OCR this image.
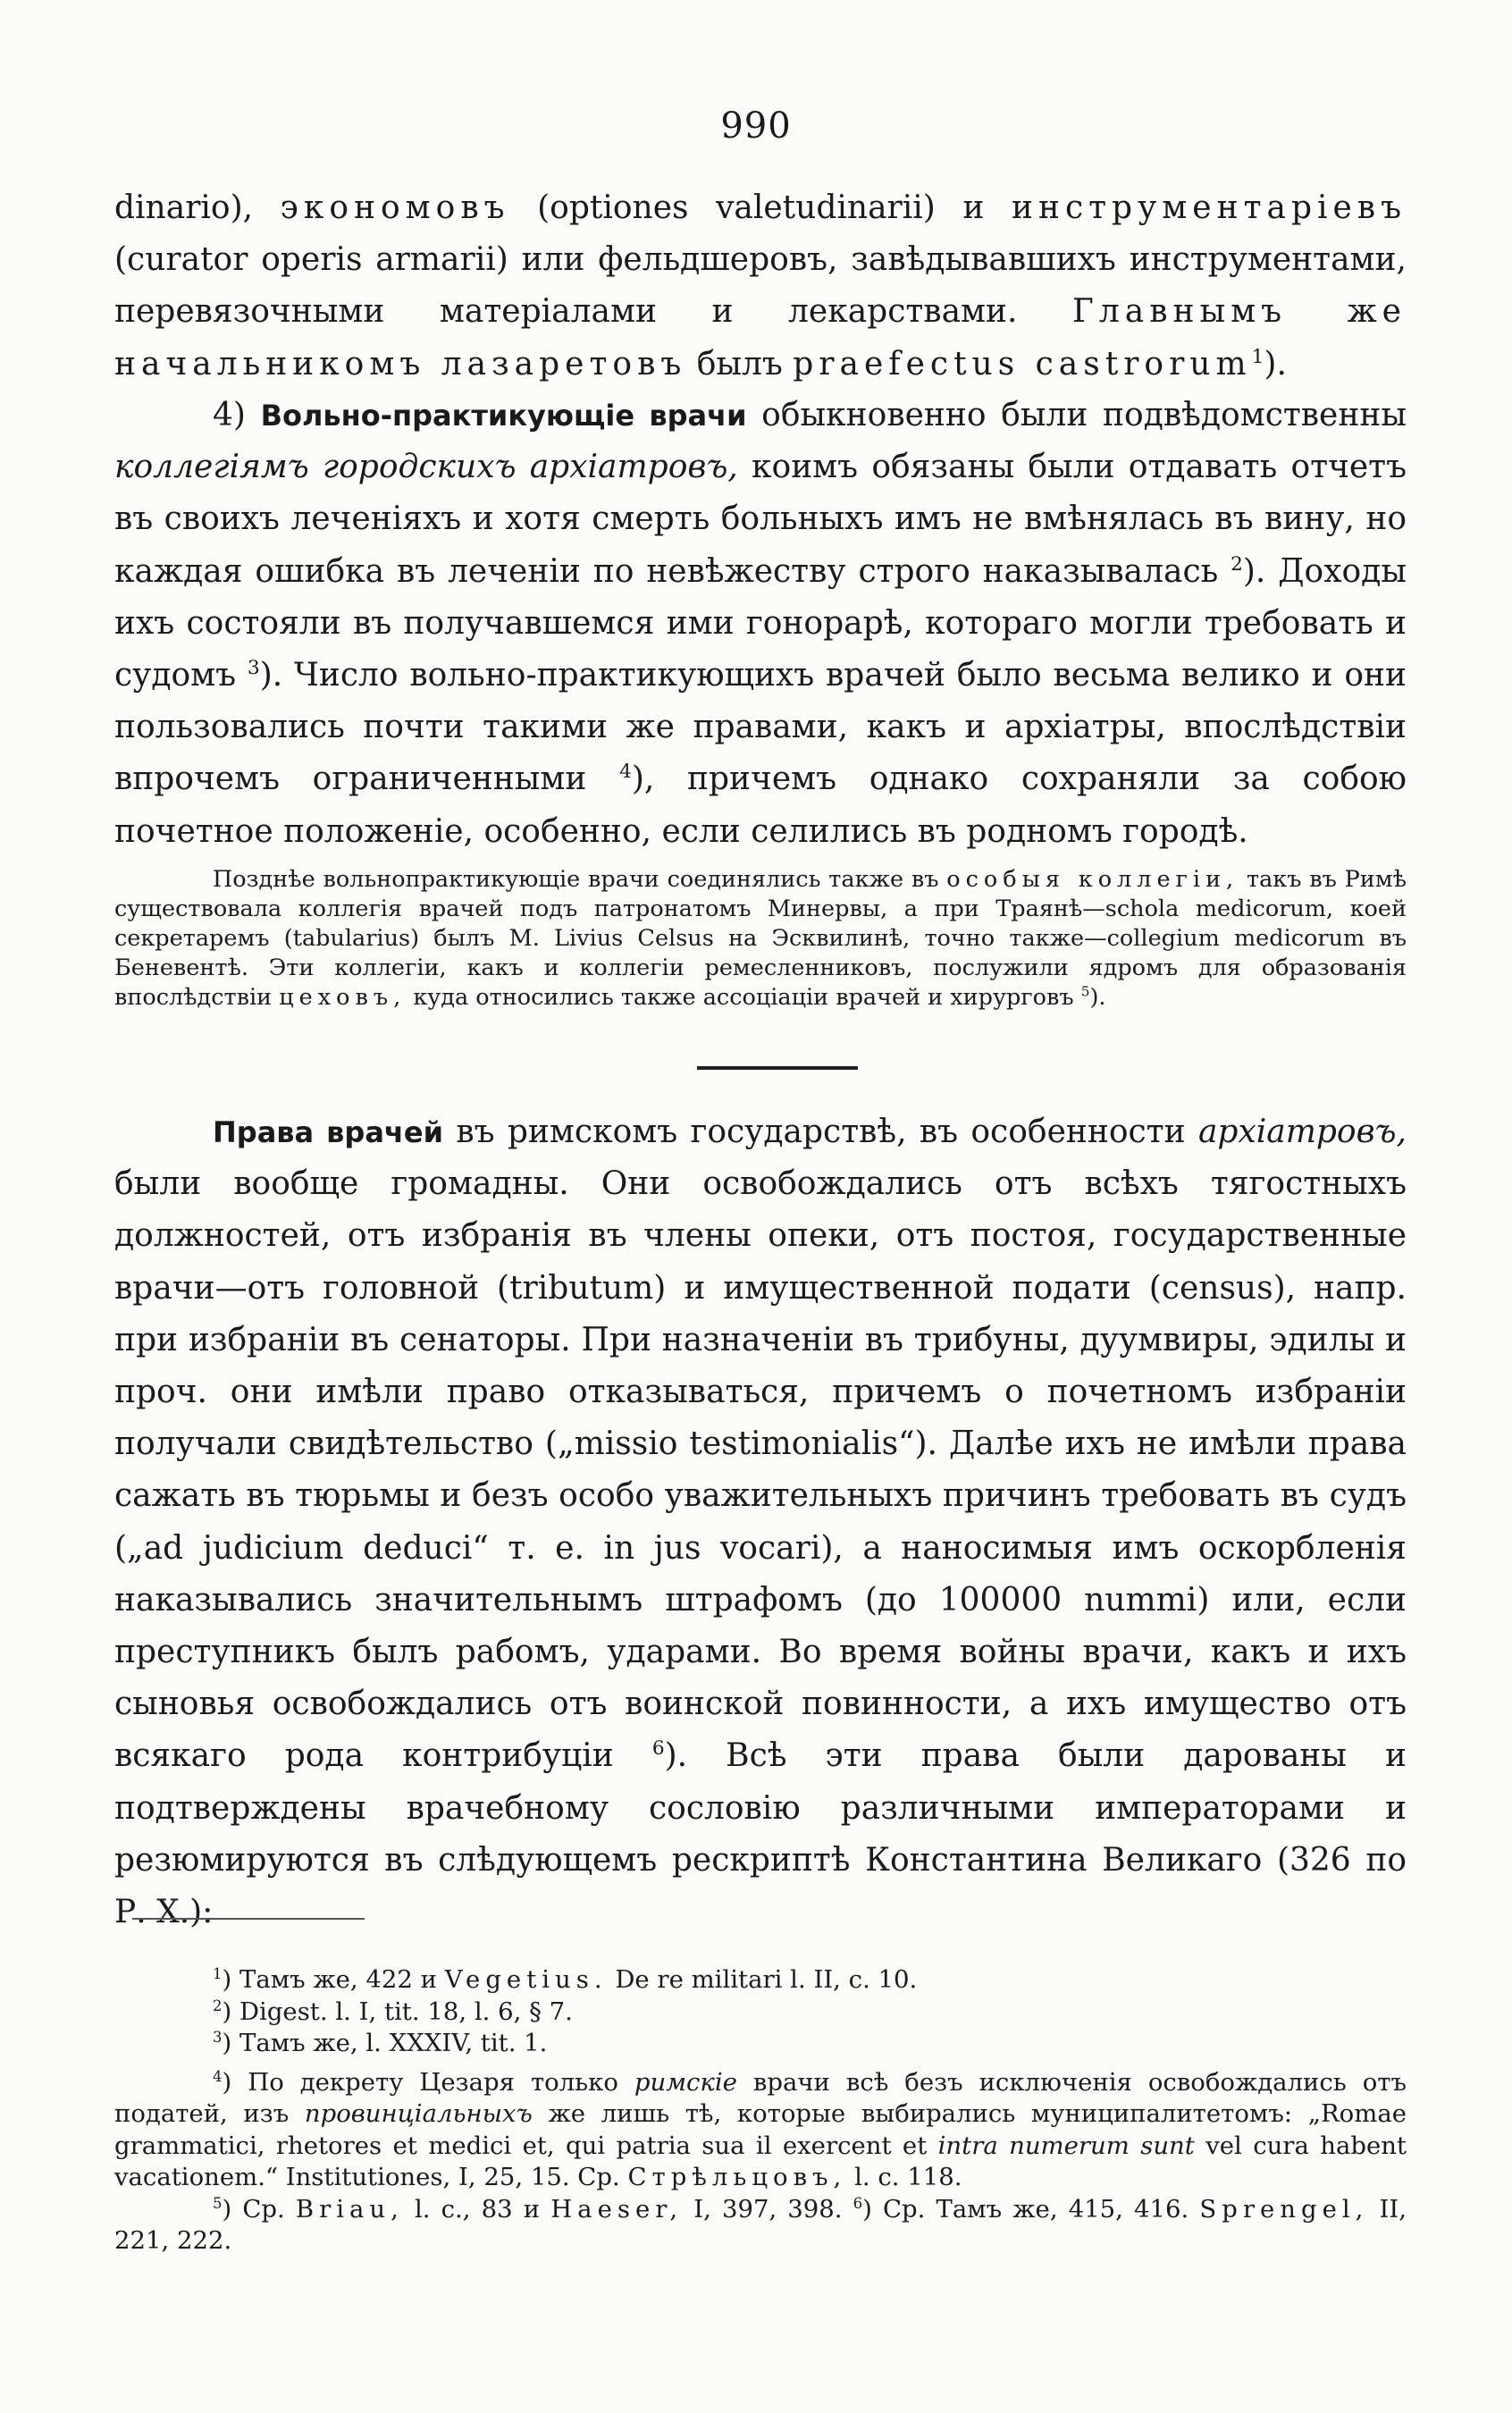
990

dinario), экономовъ (optiones valetudinarii) и инструментаріевъ (curator operis armarii) или фельдшеровъ, завѣдывавшихъ инструментами, перевязочными матеріалами и лекарствами. Главнымъ же начальникомъ лазаретовъ былъ praefectus castrorum$^1$).

4) Вольно-практикующіе врачи обыкновенно были подвѣдомственны коллегіямъ городскихъ архіатровъ, коимъ обязаны были отдавать отчетъ въ своихъ леченіяхъ и хотя смерть больныхъ имъ не вмѣнялась въ вину, но каждая ошибка въ леченіи по невѣжеству строго наказывалась $^2$). Доходы ихъ состояли въ получавшемся ими гонорарѣ, котораго могли требовать и судомъ $^3$). Число вольно-практикующихъ врачей было весьма велико и они пользовались почти такими же правами, какъ и архіатры, впослѣдствіи впрочемъ ограниченными $^4$), причемъ однако сохраняли за собою почетное положеніе, особенно, если селились въ родномъ городѣ.

Позднѣе вольнопрактикующіе врачи соединялись также въ особыя коллегіи, такъ въ Римѣ существовала коллегія врачей подъ патронатомъ Минервы, а при Траянѣ—schola medicorum, коей секретаремъ (tabularius) былъ M. Livius Celsus на Эсквилинѣ, точно также—collegium medicorum въ Беневентѣ. Эти коллегіи, какъ и коллегіи ремесленниковъ, послужили ядромъ для образованія впослѣдствіи цеховъ, куда относились также ассоціаціи врачей и хирурговъ $^5$).

Права врачей въ римскомъ государствѣ, въ особенности архіатровъ, были вообще громадны. Они освобождались отъ всѣхъ тягостныхъ должностей, отъ избранія въ члены опеки, отъ постоя, государственные врачи—отъ головной (tributum) и имущественной подати (census), напр. при избраніи въ сенаторы. При назначеніи въ трибуны, дуумвиры, эдилы и проч. они имѣли право отказываться, причемъ о почетномъ избраніи получали свидѣтельство („missio testimonialis“). Далѣе ихъ не имѣли права сажать въ тюрьмы и безъ особо уважительныхъ причинъ требовать въ судъ („ad judicium deduci“ т. е. in jus vocari), а наносимыя имъ оскорбленія наказывались значительнымъ штрафомъ (до 100000 nummi) или, если преступникъ былъ рабомъ, ударами. Во время войны врачи, какъ и ихъ сыновья освобождались отъ воинской повинности, а ихъ имущество отъ всякаго рода контрибуціи $^6$). Всѣ эти права были дарованы и подтверждены врачебному сословію различными императорами и резюмируются въ слѣдующемъ рескриптѣ Константина Великаго (326 по Р. Х.):

$^1$) Тамъ же, 422 и Vegetius. De re militari l. II, c. 10.

$^2$) Digest. l. I, tit. 18, l. 6, § 7.

$^3$) Тамъ же, l. XXXIV, tit. 1.

$^4$) По декрету Цезаря только римскіе врачи всѣ безъ исключенія освобождались отъ податей, изъ провинціальныхъ же лишь тѣ, которые выбирались муниципалитетомъ: „Romae grammatici, rhetores et medici et, qui patria sua il exercent et intra numerum sunt vel cura habent vacationem.“ Institutiones, I, 25, 15. Ср. Стрѣльцовъ, l. c. 118.

$^5$) Ср. Briau, l. c., 83 и Haeser, I, 397, 398. $^6$) Ср. Тамъ же, 415, 416. Sprengel, II, 221, 222.
